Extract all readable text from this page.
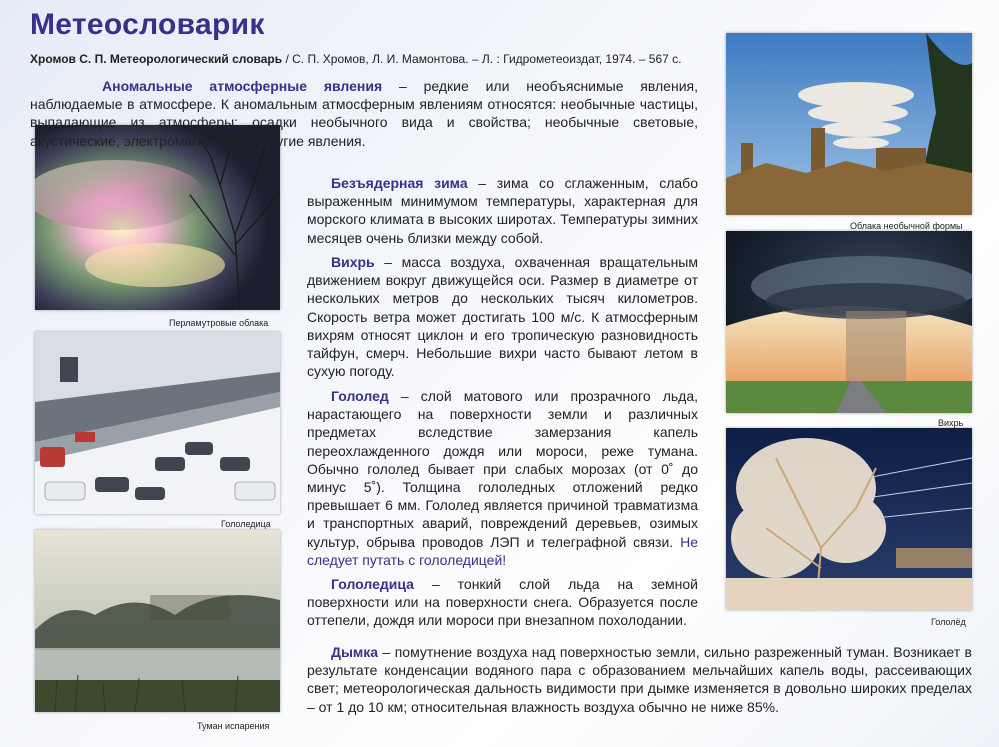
Метеословарик
Хромов С. П. Метеорологический словарь / С. П. Хромов, Л. И. Мамонтова. – Л. : Гидрометеоиздат, 1974. – 567 с.
Перламутровые облака
Гололедица
Туман испарения
Облака необычной формы
Вихрь
Гололёд
Аномальные атмосферные явления – редкие или необъяснимые явления, наблюдаемые в атмосфере. К аномальным атмосферным явлениям относятся: необычные частицы, выпадающие из атмосферы; осадки необычного вида и свойства; необычные световые, акустические, электромагнитные и другие явления.
Безъядерная зима – зима со сглаженным, слабо выраженным минимумом температуры, характерная для морского климата в высоких широтах. Температуры зимних месяцев очень близки между собой.
Вихрь – масса воздуха, охваченная вращательным движением вокруг движущейся оси. Размер в диаметре от нескольких метров до нескольких тысяч километров. Скорость ветра может достигать 100 м/с. К атмосферным вихрям относят циклон и его тропическую разновидность тайфун, смерч. Небольшие вихри часто бывают летом в сухую погоду.
Гололед – слой матового или прозрачного льда, нарастающего на поверхности земли и различных предметах вследствие замерзания капель переохлажденного дождя или мороси, реже тумана. Обычно гололед бывает при слабых морозах (от 0˚ до минус 5˚). Толщина гололедных отложений редко превышает 6 мм. Гололед является причиной травматизма и транспортных аварий, повреждений деревьев, озимых культур, обрыва проводов ЛЭП и телеграфной связи. Не следует путать с гололедицей!
Гололедица – тонкий слой льда на земной поверхности или на поверхности снега. Образуется после оттепели, дождя или мороси при внезапном похолодании.
Дымка – помутнение воздуха над поверхностью земли, сильно разреженный туман. Возникает в результате конденсации водяного пара с образованием мельчайших капель воды, рассеивающих свет; метеорологическая дальность видимости при дымке изменяется в довольно широких пределах – от 1 до 10 км; относительная влажность воздуха обычно не ниже 85%.
